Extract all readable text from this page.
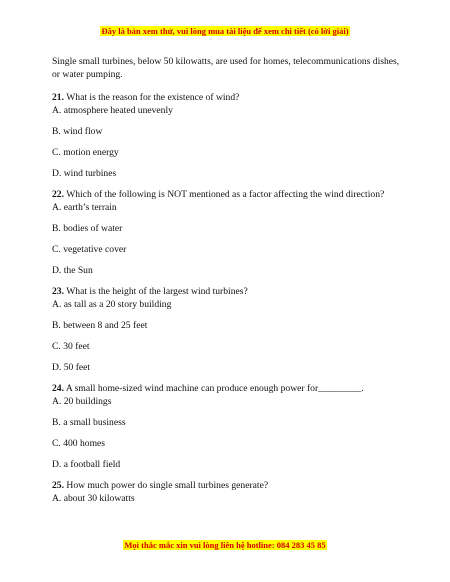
Đây là bản xem thử, vui lòng mua tài liệu để xem chi tiết (có lời giải)

Single small turbines, below 50 kilowatts, are used for homes, telecommunications dishes, or water pumping.

21. What is the reason for the existence of wind?

A. atmosphere heated unevenly

B. wind flow

C. motion energy

D. wind turbines

22. Which of the following is NOT mentioned as a factor affecting the wind direction?

A. earth’s terrain

B. bodies of water

C. vegetative cover

D. the Sun

23. What is the height of the largest wind turbines?

A. as tall as a 20 story building

B. between 8 and 25 feet

C. 30 feet

D. 50 feet

24. A small home-sized wind machine can produce enough power for_________.

A. 20 buildings

B. a small business

C. 400 homes

D. a football field

25. How much power do single small turbines generate?

A. about 30 kilowatts

Mọi thắc mắc xin vui lòng liên hệ hotline: 084 283 45 85
